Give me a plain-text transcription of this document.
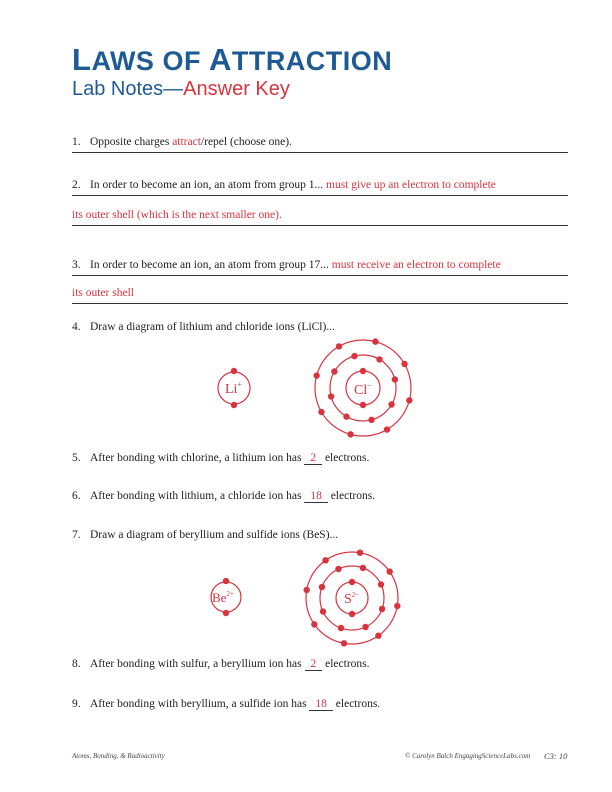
LAWS OF ATTRACTION
Lab Notes—Answer Key
1. Opposite charges attract/repel (choose one).
2. In order to become an ion, an atom from group 1... must give up an electron to complete
its outer shell (which is the next smaller one).
3. In order to become an ion, an atom from group 17... must receive an electron to complete
its outer shell
4. Draw a diagram of lithium and chloride ions (LiCl)...
5. After bonding with chlorine, a lithium ion has 2 electrons.
6. After bonding with lithium, a chloride ion has 18 electrons.
7. Draw a diagram of beryllium and sulfide ions (BeS)...
8. After bonding with sulfur, a beryllium ion has 2 electrons.
9. After bonding with beryllium, a sulfide ion has 18 electrons.
Li+	Cl−
$Be^{2+}$	$S^{2-}$
Atoms, Bonding, & Radioactivity	© Carolyn Balch EngagingScienceLabs.com C3: 10
